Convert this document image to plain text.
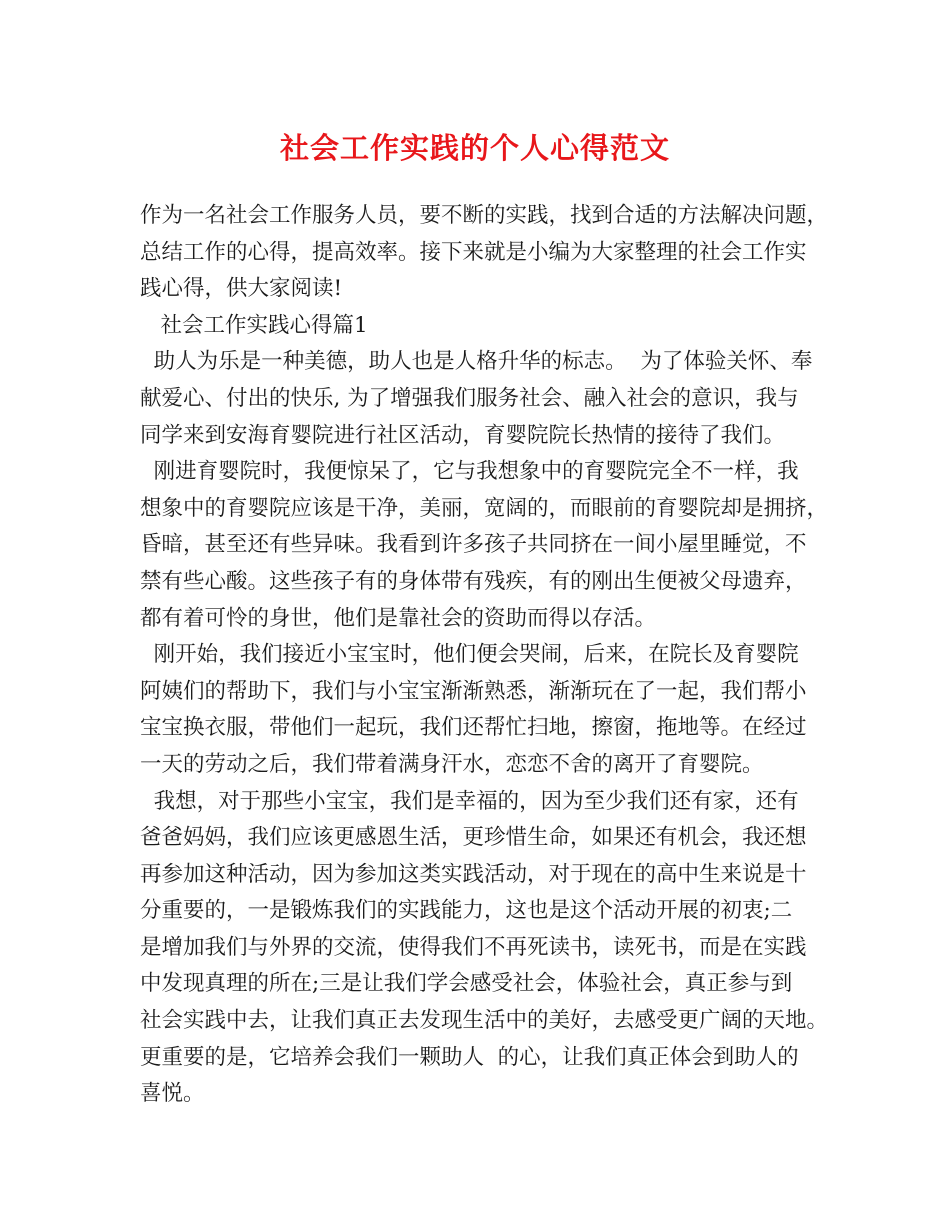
社会工作实践的个人心得范文
作为一名社会工作服务人员，要不断的实践，找到合适的方法解决问题，
总结工作的心得，提高效率。接下来就是小编为大家整理的社会工作实
践心得，供大家阅读!
社会工作实践心得篇1
助人为乐是一种美德，助人也是人格升华的标志。  为了体验关怀、奉
献爱心、付出的快乐, 为了增强我们服务社会、融入社会的意识，我与
同学来到安海育婴院进行社区活动，育婴院院长热情的接待了我们。
刚进育婴院时，我便惊呆了，它与我想象中的育婴院完全不一样，我
想象中的育婴院应该是干净，美丽，宽阔的，而眼前的育婴院却是拥挤，
昏暗，甚至还有些异味。我看到许多孩子共同挤在一间小屋里睡觉，不
禁有些心酸。这些孩子有的身体带有残疾，有的刚出生便被父母遗弃，
都有着可怜的身世，他们是靠社会的资助而得以存活。
刚开始，我们接近小宝宝时，他们便会哭闹，后来，在院长及育婴院
阿姨们的帮助下，我们与小宝宝渐渐熟悉，渐渐玩在了一起，我们帮小
宝宝换衣服，带他们一起玩，我们还帮忙扫地，擦窗，拖地等。在经过
一天的劳动之后，我们带着满身汗水，恋恋不舍的离开了育婴院。
我想，对于那些小宝宝，我们是幸福的，因为至少我们还有家，还有
爸爸妈妈，我们应该更感恩生活，更珍惜生命，如果还有机会，我还想
再参加这种活动，因为参加这类实践活动，对于现在的高中生来说是十
分重要的，一是锻炼我们的实践能力，这也是这个活动开展的初衷;二
是增加我们与外界的交流，使得我们不再死读书，读死书，而是在实践
中发现真理的所在;三是让我们学会感受社会，体验社会，真正参与到
社会实践中去，让我们真正去发现生活中的美好，去感受更广阔的天地。
更重要的是，它培养会我们一颗助人  的心，让我们真正体会到助人的
喜悦。
